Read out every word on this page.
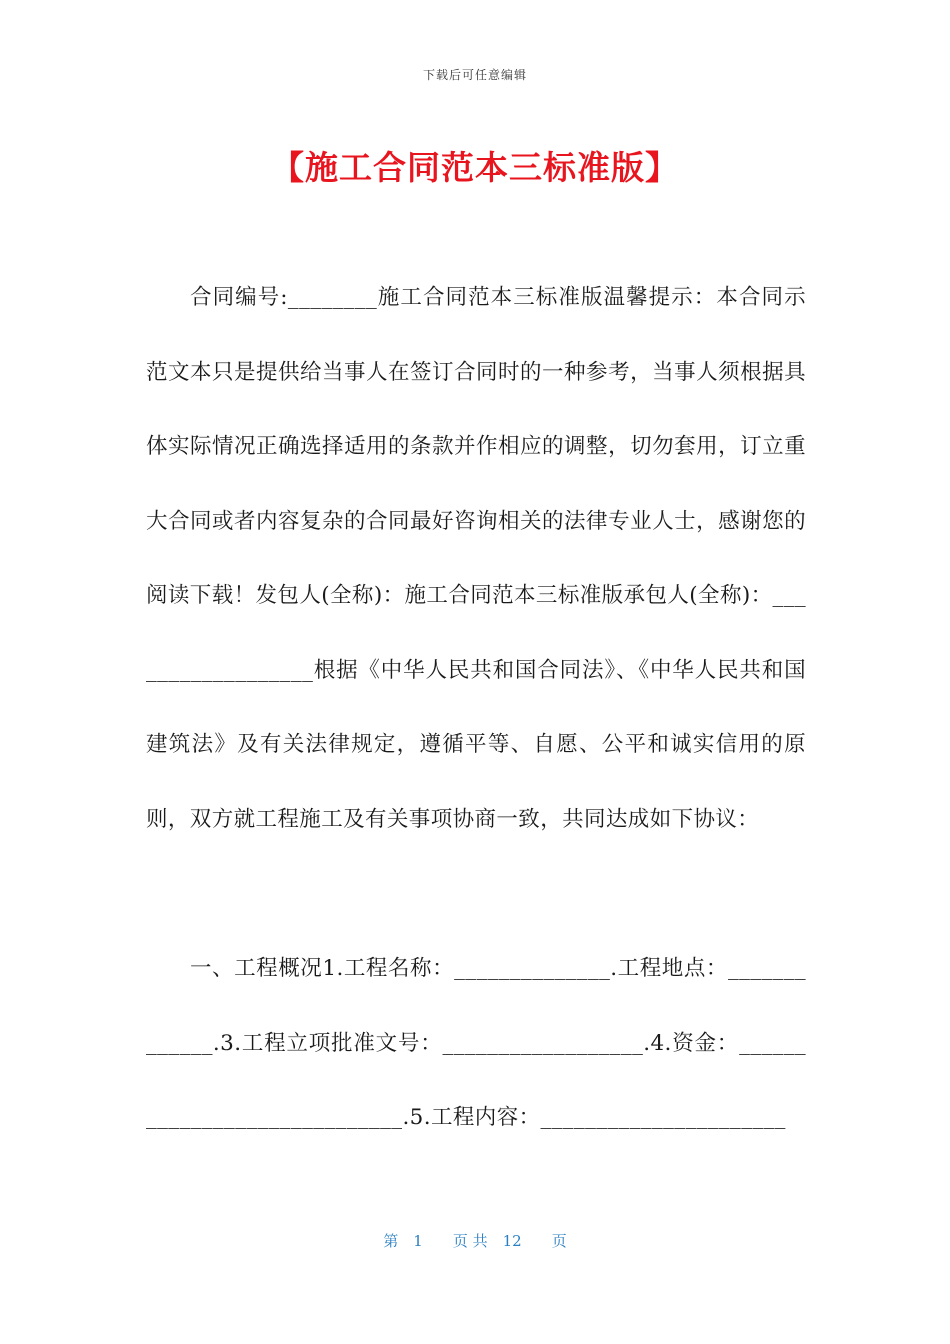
下载后可任意编辑
【施工合同范本三标准版】

合同编号:________施工合同范本三标准版温馨提示：本合同示范文本只是提供给当事人在签订合同时的一种参考，当事人须根据具体实际情况正确选择适用的条款并作相应的调整，切勿套用，订立重大合同或者内容复杂的合同最好咨询相关的法律专业人士，感谢您的阅读下载！发包人(全称)：施工合同范本三标准版承包人(全称)：__________________根据《中华人民共和国合同法》、《中华人民共和国建筑法》及有关法律规定，遵循平等、自愿、公平和诚实信用的原则，双方就工程施工及有关事项协商一致，共同达成如下协议：

一、工程概况1.工程名称：______________.工程地点：_____________.3.工程立项批准文号：__________________.4.资金：_____________________________.5.工程内容：______________________

第　1　　页 共　12　　页
